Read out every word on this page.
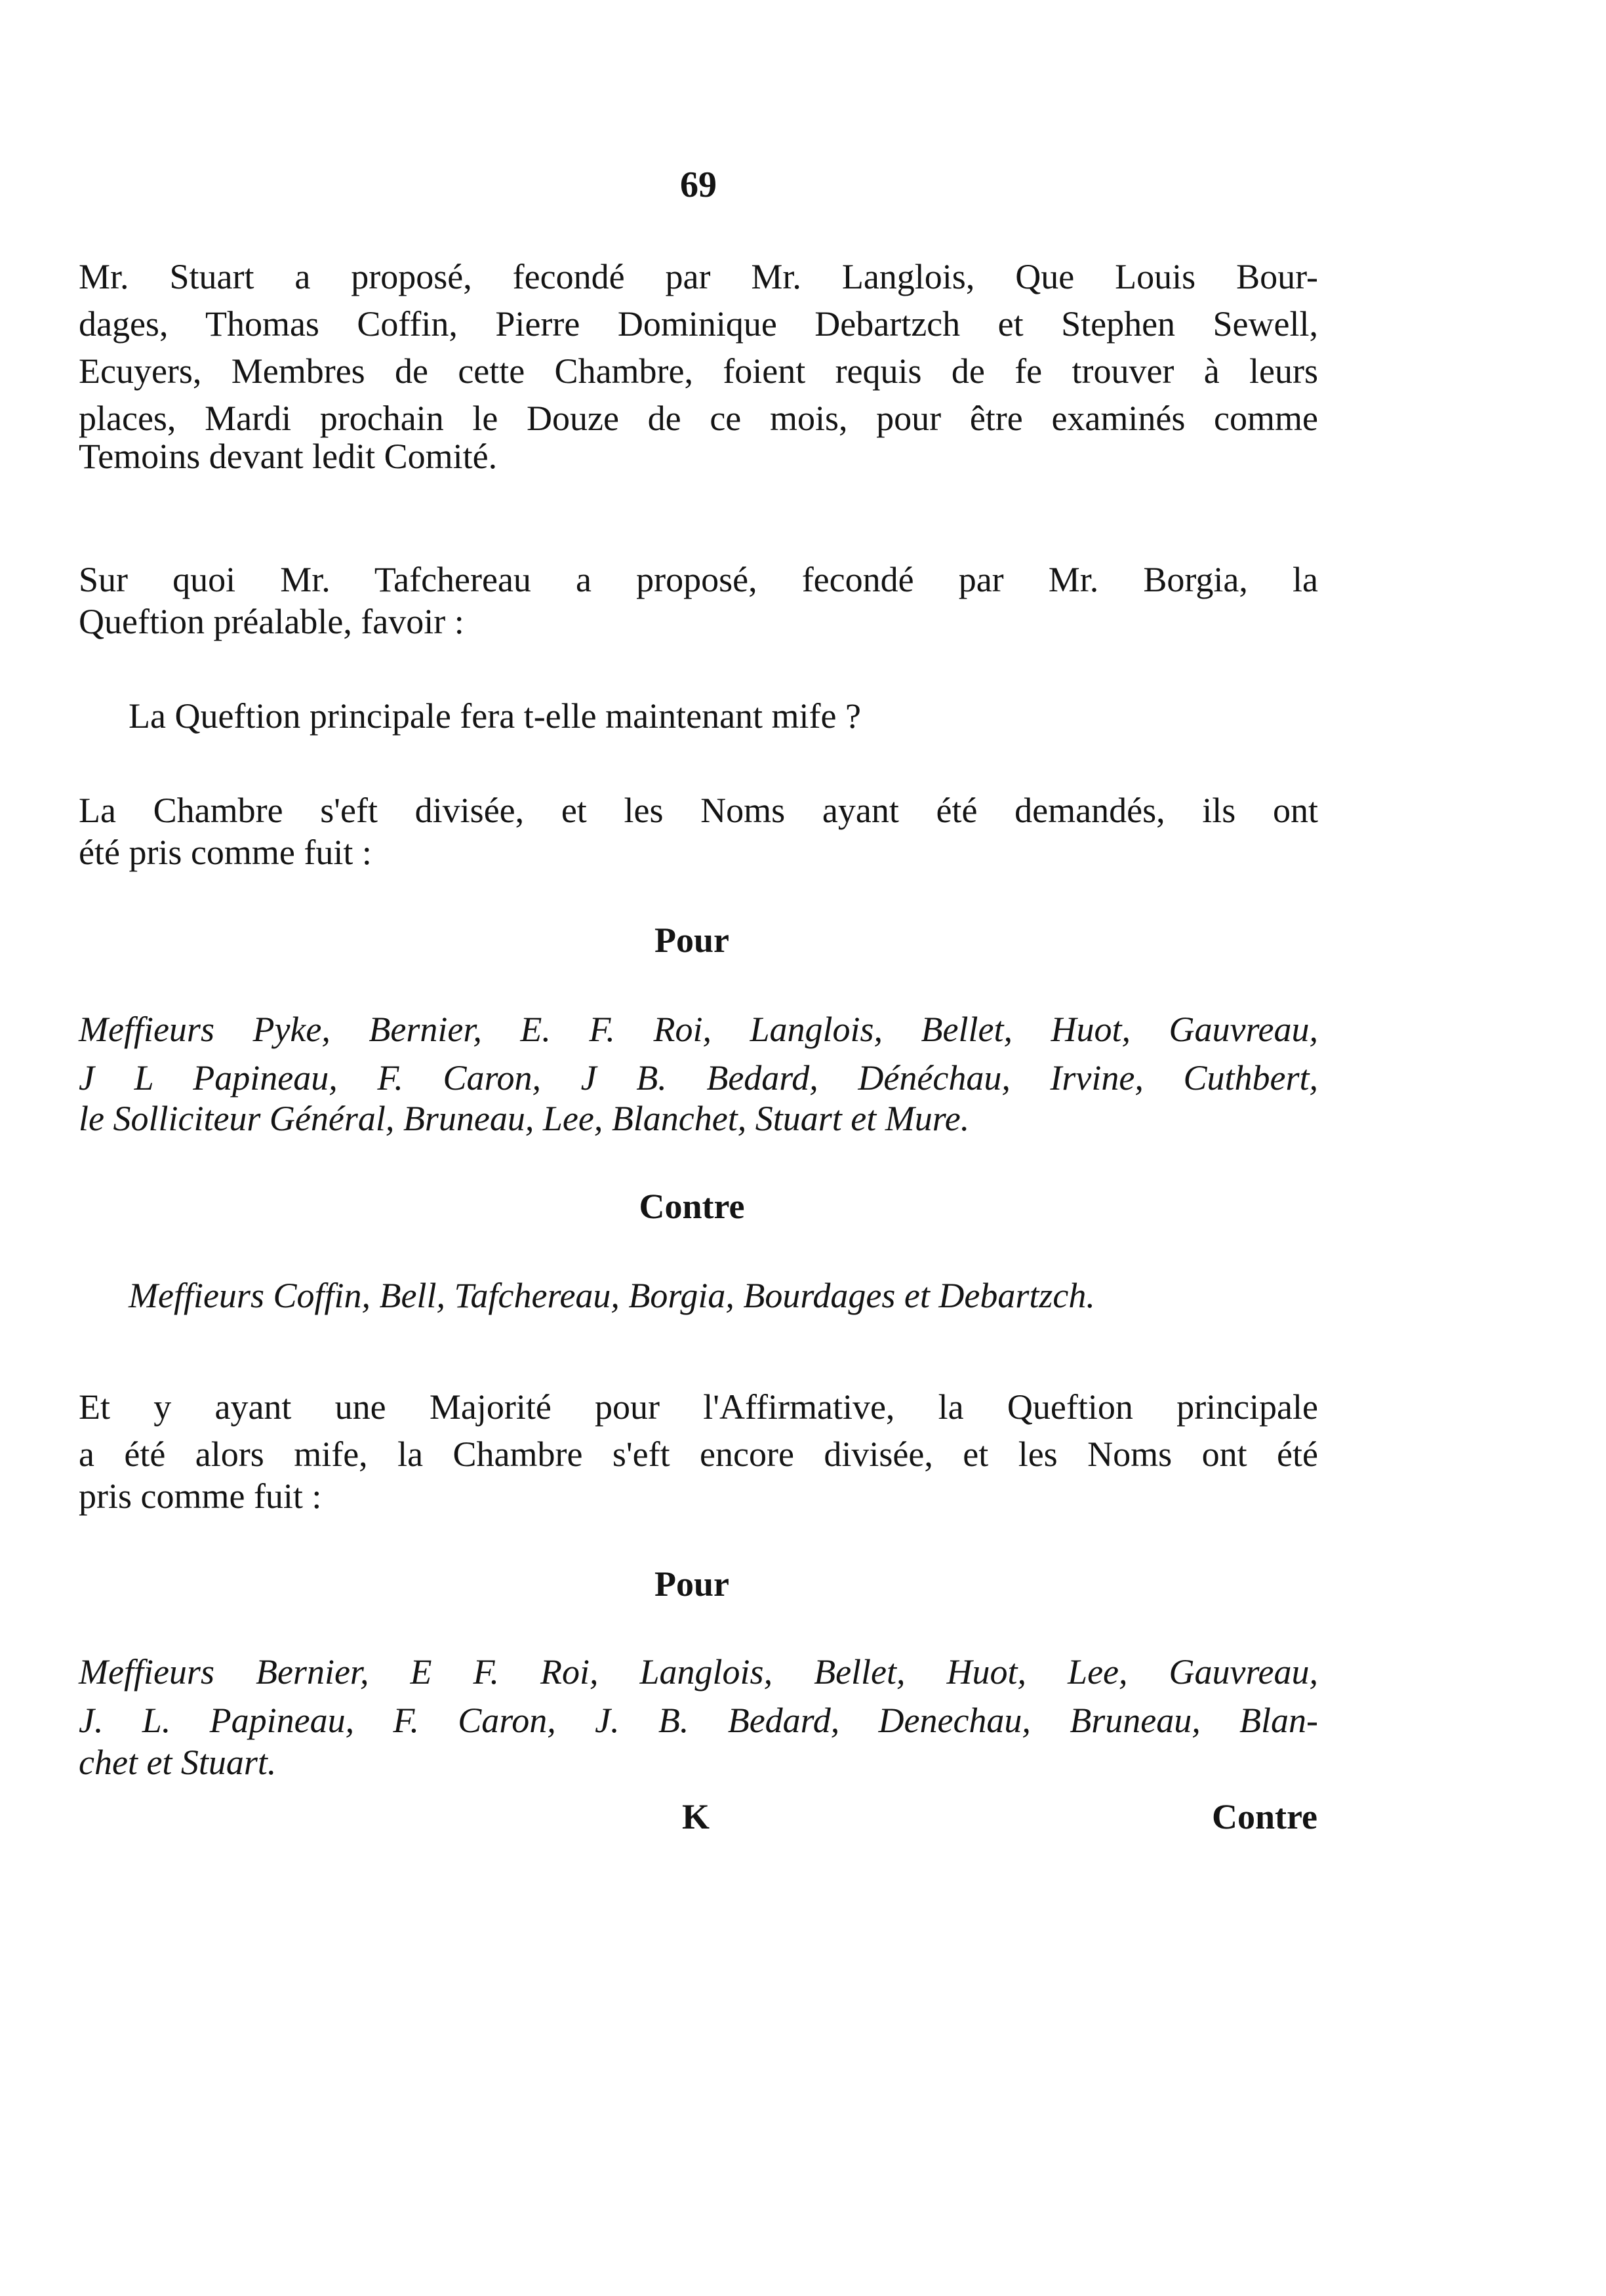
69
Mr. Stuart a proposé, fecondé par Mr. Langlois, Que Louis Bour-
dages, Thomas Coffin, Pierre Dominique Debartzch et Stephen Sewell,
Ecuyers, Membres de cette Chambre, foient requis de fe trouver à leurs
places, Mardi prochain le Douze de ce mois, pour être examinés comme
Temoins devant ledit Comité.
Sur quoi Mr. Tafchereau a proposé, fecondé par Mr. Borgia, la
Queftion préalable, favoir :
La Queftion principale fera t-elle maintenant mife ?
La Chambre s'eft divisée, et les Noms ayant été demandés, ils ont
été pris comme fuit :
Pour
Meffieurs Pyke, Bernier, E. F. Roi, Langlois, Bellet, Huot, Gauvreau,
J L Papineau, F. Caron, J B. Bedard, Dénéchau, Irvine, Cuthbert,
le Solliciteur Général, Bruneau, Lee, Blanchet, Stuart et Mure.
Contre
Meffieurs Coffin, Bell, Tafchereau, Borgia, Bourdages et Debartzch.
Et y ayant une Majorité pour l'Affirmative, la Queftion principale
a été alors mife, la Chambre s'eft encore divisée, et les Noms ont été
pris comme fuit :
Pour
Meffieurs Bernier, E F. Roi, Langlois, Bellet, Huot, Lee, Gauvreau,
J. L. Papineau, F. Caron, J. B. Bedard, Denechau, Bruneau, Blan-
chet et Stuart.
K	Contre
